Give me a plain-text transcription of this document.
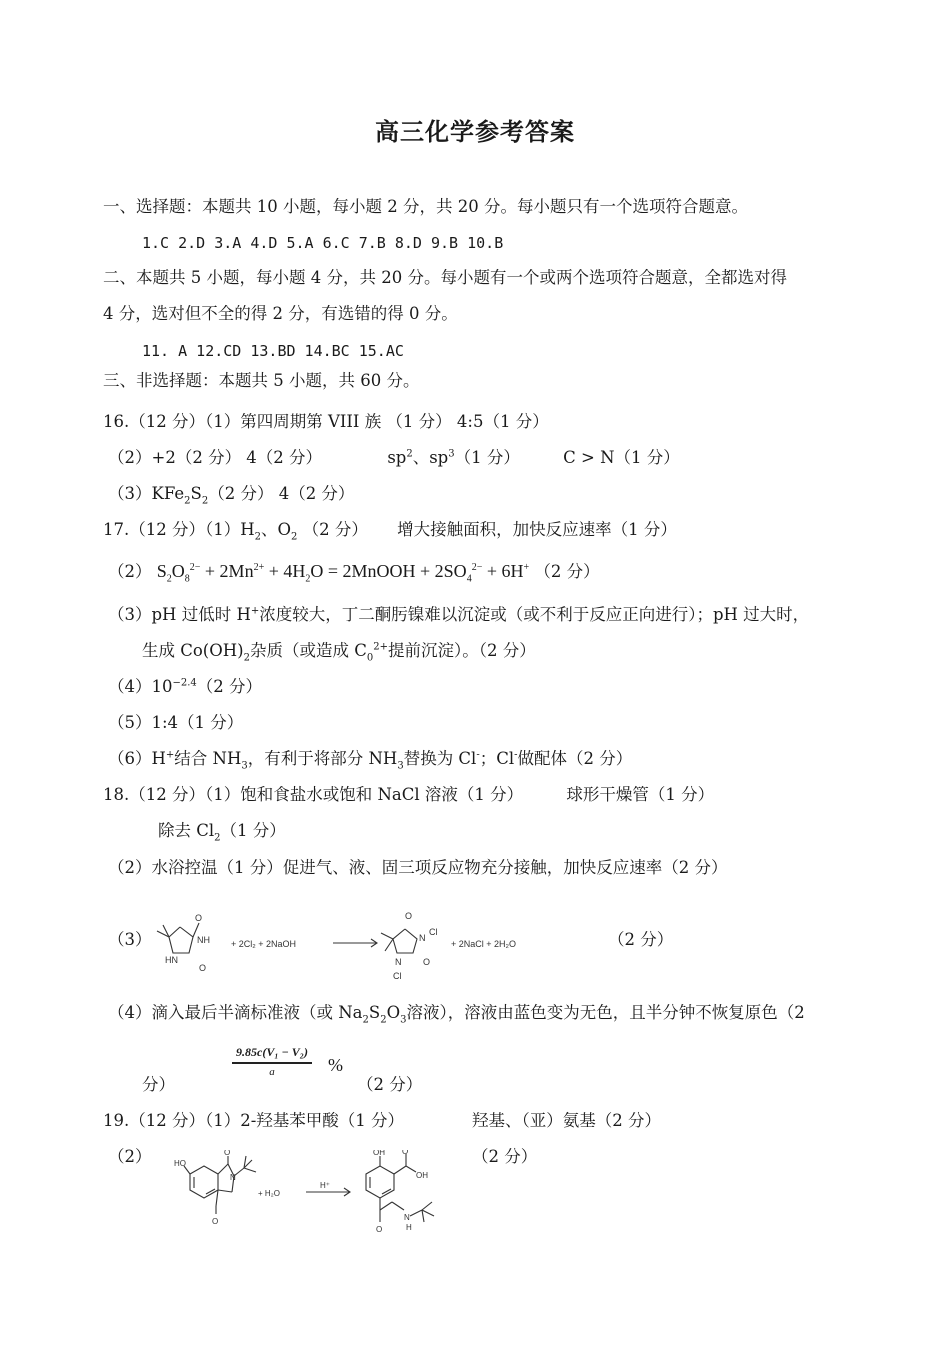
高三化学参考答案
一、选择题：本题共 10 小题，每小题 2 分，共 20 分。每小题只有一个选项符合题意。
1.C 2.D 3.A 4.D 5.A 6.C 7.B 8.D 9.B 10.B
二、本题共 5 小题，每小题 4 分，共 20 分。每小题有一个或两个选项符合题意，全都选对得
4 分，选对但不全的得 2 分，有选错的得 0 分。
11. A 12.CD 13.BD 14.BC 15.AC
三、非选择题：本题共 5 小题，共 60 分。
16.（12 分）（1）第四周期第 VIII 族 （1 分） 4:5（1 分）
（2）+2（2 分） 4（2 分）	$sp^2$、$sp^3(1$ 分）	C > N（1 分）
$(3)KFe_2S_2(2$ 分） 4（2 分）
17.（12 分）$(1)H_2$、$O_2$ （2 分） 增大接触面积，加快反应速率（1 分）
（2） $S_2O_8^{2-} + 2Mn^{2+} + 4H_2O$ = 2MnOOH + $2SO_4^{2-} + 6H^+$ （2 分）
（3）pH 过低时 H+浓度较大，丁二酮肟镍难以沉淀或（或不利于反应正向进行）；pH 过大时，
生成 $Co(OH)_2$杂质（或造成 $C_0^{2+}$提前沉淀）。（2 分）
$(4)10^{-2.4}(2$ 分）
（5）1:4（1 分）
（6）H+结合 $NH_3$，有利于将部分 $NH_3$替换为 Cl-；Cl-做配体（2 分）
18.（12 分）（1）饱和食盐水或饱和 NaCl 溶液（1 分）	球形干燥管（1 分）
除去 $Cl_2(1$ 分）
（2）水浴控温（1 分）促进气、液、固三项反应物充分接触，加快反应速率（2 分）
（3）	（2 分）
O
NH
HN
O
+ 2Cl₂ + 2NaOH
O
N
Cl
N
Cl
O
+ 2NaCl + 2H₂O
（4）滴入最后半滴标准液（或 $Na_2S_2O_3$溶液），溶液由蓝色变为无色，且半分钟不恢复原色（2
9.85c(V₁ − V₂)
a	%
分）	（2 分）
19.（12 分）（1）2-羟基苯甲酸（1 分）	羟基、（亚）氨基（2 分）
（2）	（2 分）
HO
O
N
O
+ H₂O
H⁺
OH O
OH
O
N
H
